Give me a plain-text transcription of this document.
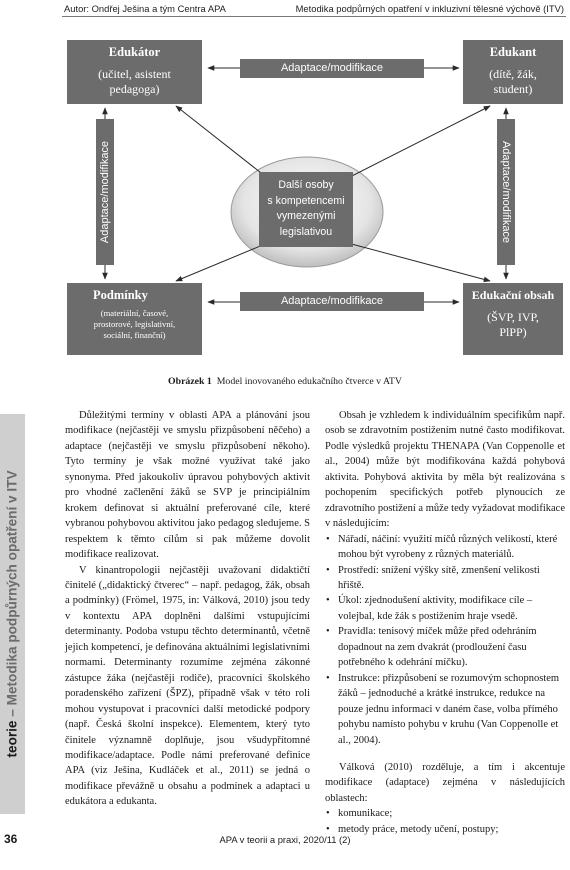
Autor: Ondřej Ješina a tým Centra APA	Metodika podpůrných opatření v inkluzivní tělesné výchově (ITV)
Edukátor
(učitel, asistent
pedagoga)
Edukant
(dítě, žák,
student)
Podmínky
(materiální, časové,
prostorové, legislativní,
sociální, finanční)
Edukační obsah
(ŠVP, IVP,
PlPP)
Adaptace/modifikace
Adaptace/modifikace
Adaptace/modifikace	Adaptace/modifikace
Další osoby
s kompetencemi
vymezenými
legislativou
Obrázek 1 Model inovovaného edukačního čtverce v ATV
teorie – Metodika podpůrných opatření v ITV

Důležitými termíny v oblasti APA a plánování jsou modifikace (nejčastěji ve smyslu přizpůsobení něčeho) a adaptace (nejčastěji ve smyslu přizpůsobení někoho). Tyto termíny je však možné využívat také jako synonyma. Před jakoukoliv úpravou pohybových aktivit pro vhodné začlenění žáků se SVP je principiálním krokem definovat si aktuální preferované cíle, které vybranou pohybovou aktivitou jako pedagog sledujeme. S respektem k těmto cílům si pak můžeme dovolit modifikace realizovat.

V kinantropologii nejčastěji uvažovaní didaktičtí činitelé („didaktický čtverec“ – např. pedagog, žák, obsah a podmínky) (Frömel, 1975, in: Válková, 2010) jsou tedy v kontextu APA doplněni dalšími vstupujícími determinanty. Podoba vstupu těchto determinantů, včetně jejich kompetencí, je definována aktuálními legislativními normami. Determinanty rozumíme zejména zákonné zástupce žáka (nejčastěji rodiče), pracovníci školského poradenského zařízení (ŠPZ), případně však v této roli mohou vystupovat i pracovníci další metodické podpory (např. Česká školní inspekce). Elementem, který tyto činitele významně doplňuje, jsou všudypřítomné modifikace/adaptace. Podle námi preferované definice APA (viz Ješina, Kudláček et al., 2011) se jedná o modifikace převážně u obsahu a podmínek a adaptaci u edukátora a edukanta.

Obsah je vzhledem k individuálním specifikům např. osob se zdravotním postižením nutné často modifikovat. Podle výsledků projektu THENAPA (Van Coppenolle et al., 2004) může být modifikována každá pohybová aktivita. Pohybová aktivita by měla být realizována s pochopením specifických potřeb plynoucích ze zdravotního postižení a může tedy vyžadovat modifikace v následujícím:

• Nářadí, náčiní: využití míčů různých velikostí, které mohou být vyrobeny z různých materiálů.
• Prostředí: snížení výšky sítě, zmenšení velikosti hřiště.
• Úkol: zjednodušení aktivity, modifikace cíle – volejbal, kde žák s postižením hraje vsedě.
• Pravidla: tenisový míček může před odehráním dopadnout na zem dvakrát (prodloužení času potřebného k odehrání míčku).
• Instrukce: přizpůsobení se rozumovým schopnostem žáků – jednoduché a krátké instrukce, redukce na pouze jednu informaci v daném čase, volba přímého pohybu namísto pohybu v kruhu (Van Coppenolle et al., 2004).

Válková (2010) rozděluje, a tím i akcentuje modifikace (adaptace) zejména v následujících oblastech:

• komunikace;
• metody práce, metody učení, postupy;
36	APA v teorii a praxi, 2020/11 (2)
